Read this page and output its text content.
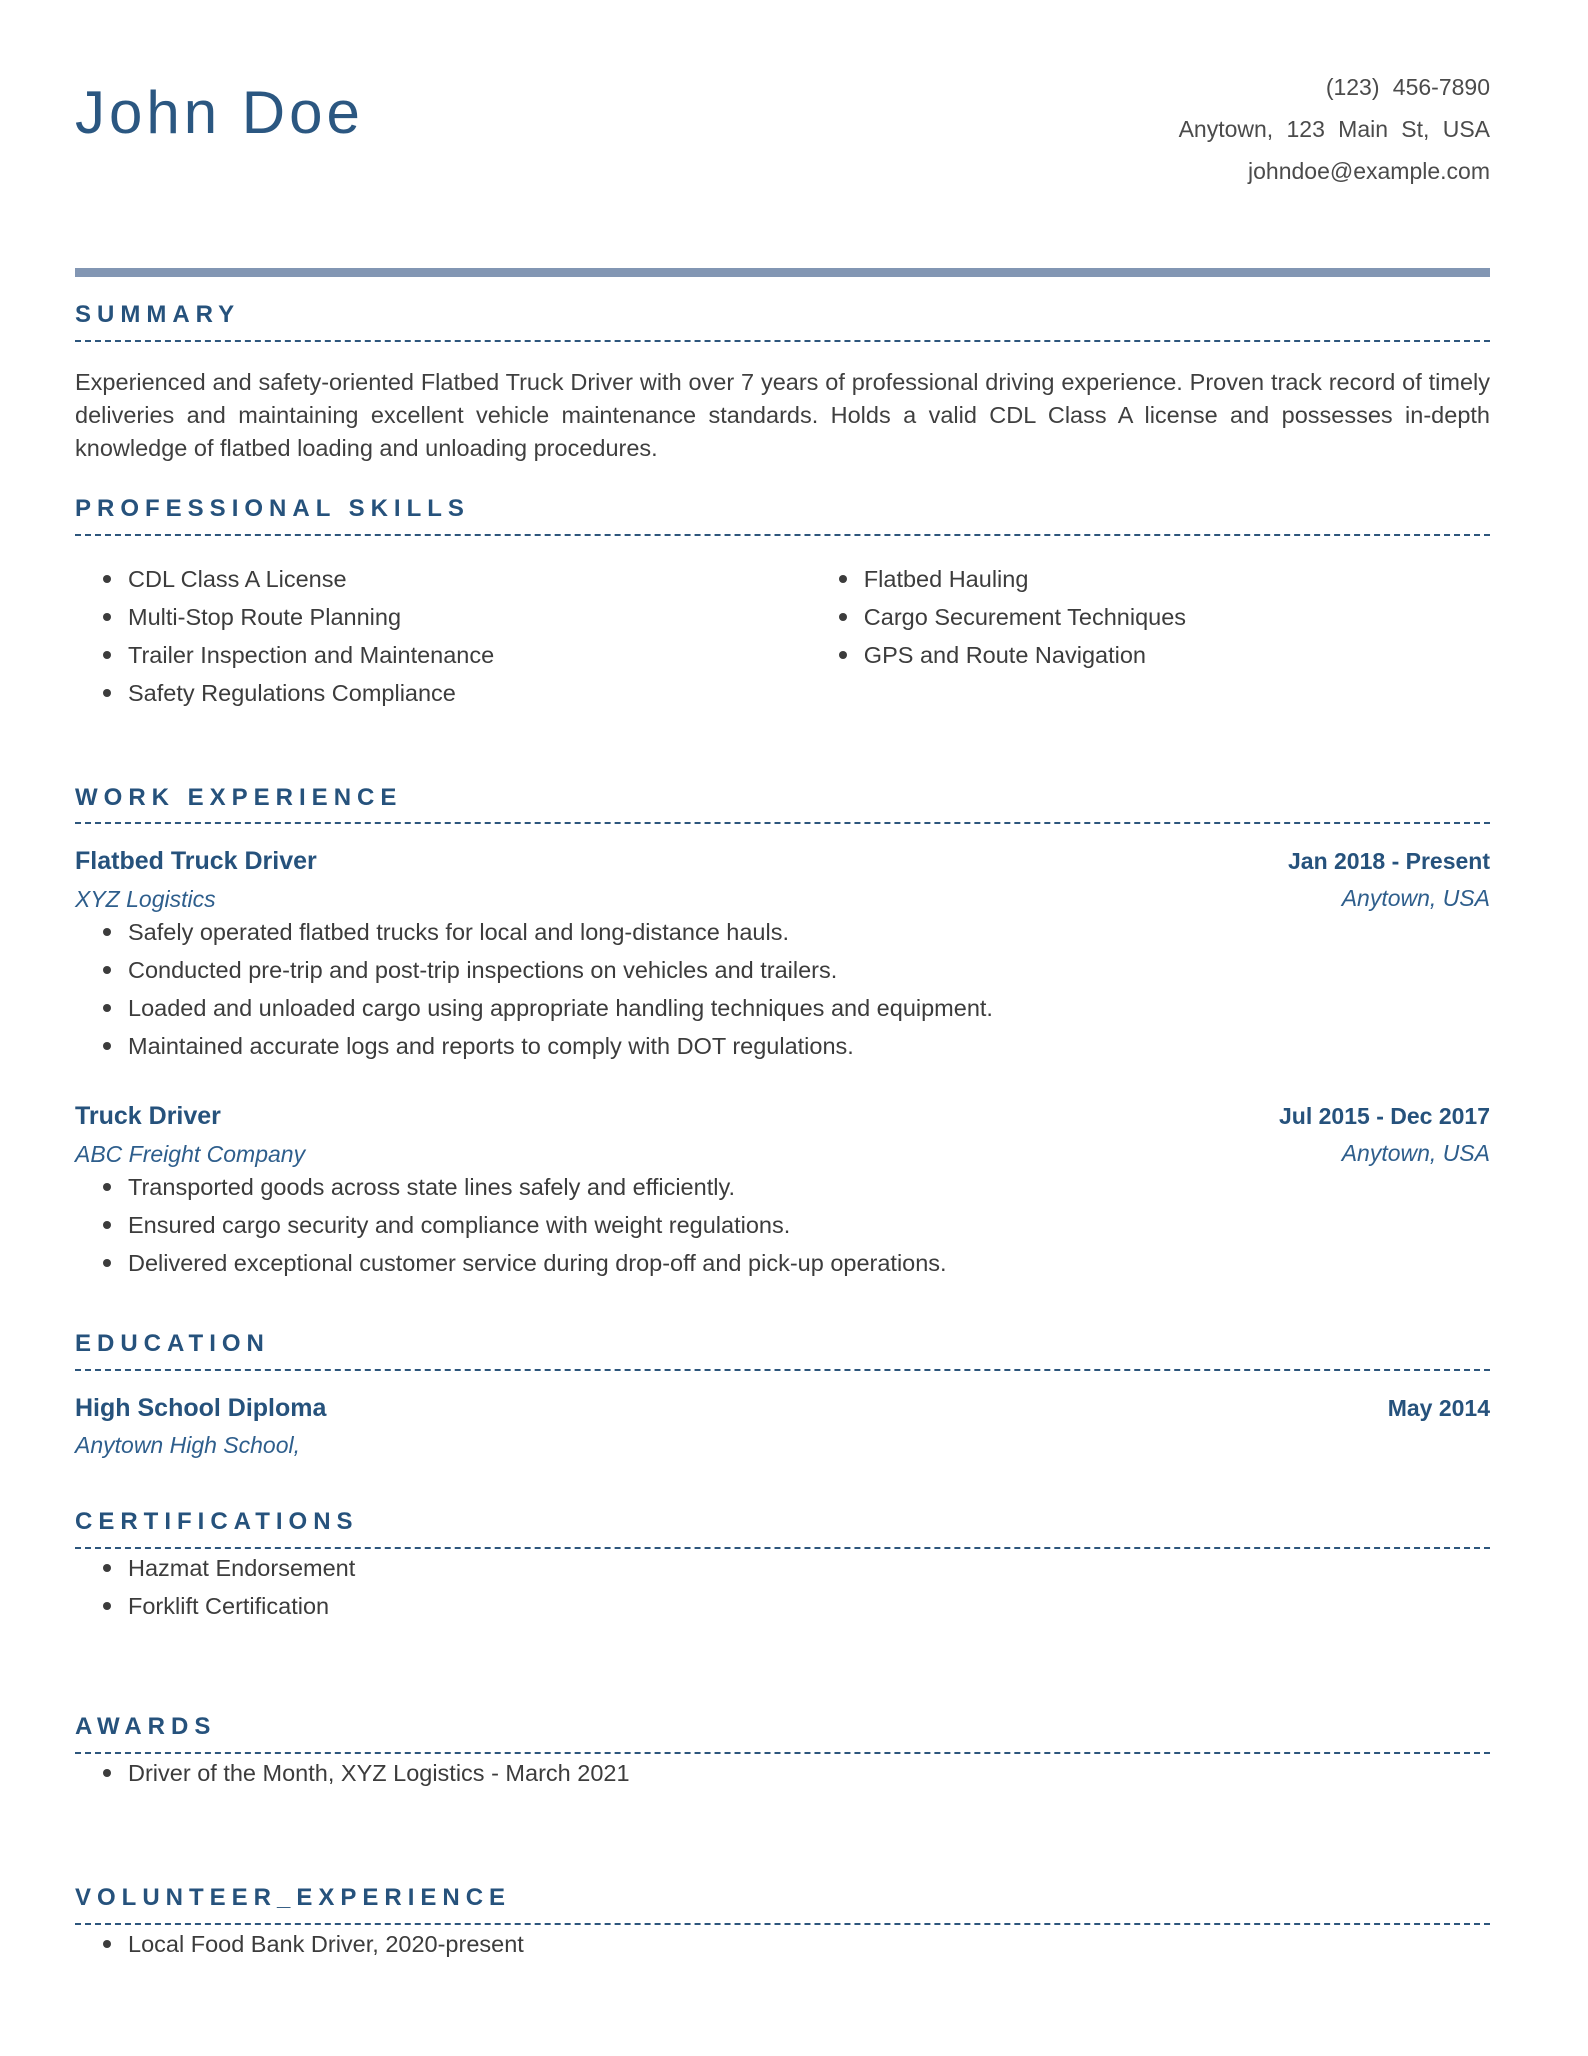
John Doe	(123) 456-7890
Anytown, 123 Main St, USA
johndoe@example.com
SUMMARY

Experienced and safety-oriented Flatbed Truck Driver with over 7 years of professional driving experience. Proven track record of timely deliveries and maintaining excellent vehicle maintenance standards. Holds a valid CDL Class A license and possesses in-depth knowledge of flatbed loading and unloading procedures.

PROFESSIONAL SKILLS
CDL Class A License
Multi-Stop Route Planning
Trailer Inspection and Maintenance
Safety Regulations Compliance
Flatbed Hauling
Cargo Securement Techniques
GPS and Route Navigation
WORK EXPERIENCE
Flatbed Truck Driver
XYZ Logistics
Jan 2018 - Present
Anytown, USA
Safely operated flatbed trucks for local and long-distance hauls.
Conducted pre-trip and post-trip inspections on vehicles and trailers.
Loaded and unloaded cargo using appropriate handling techniques and equipment.
Maintained accurate logs and reports to comply with DOT regulations.
Truck Driver
ABC Freight Company
Jul 2015 - Dec 2017
Anytown, USA
Transported goods across state lines safely and efficiently.
Ensured cargo security and compliance with weight regulations.
Delivered exceptional customer service during drop-off and pick-up operations.
EDUCATION
High School Diploma
Anytown High School,
May 2014
CERTIFICATIONS
Hazmat Endorsement
Forklift Certification
AWARDS
Driver of the Month, XYZ Logistics - March 2021
VOLUNTEER_EXPERIENCE
Local Food Bank Driver, 2020-present
